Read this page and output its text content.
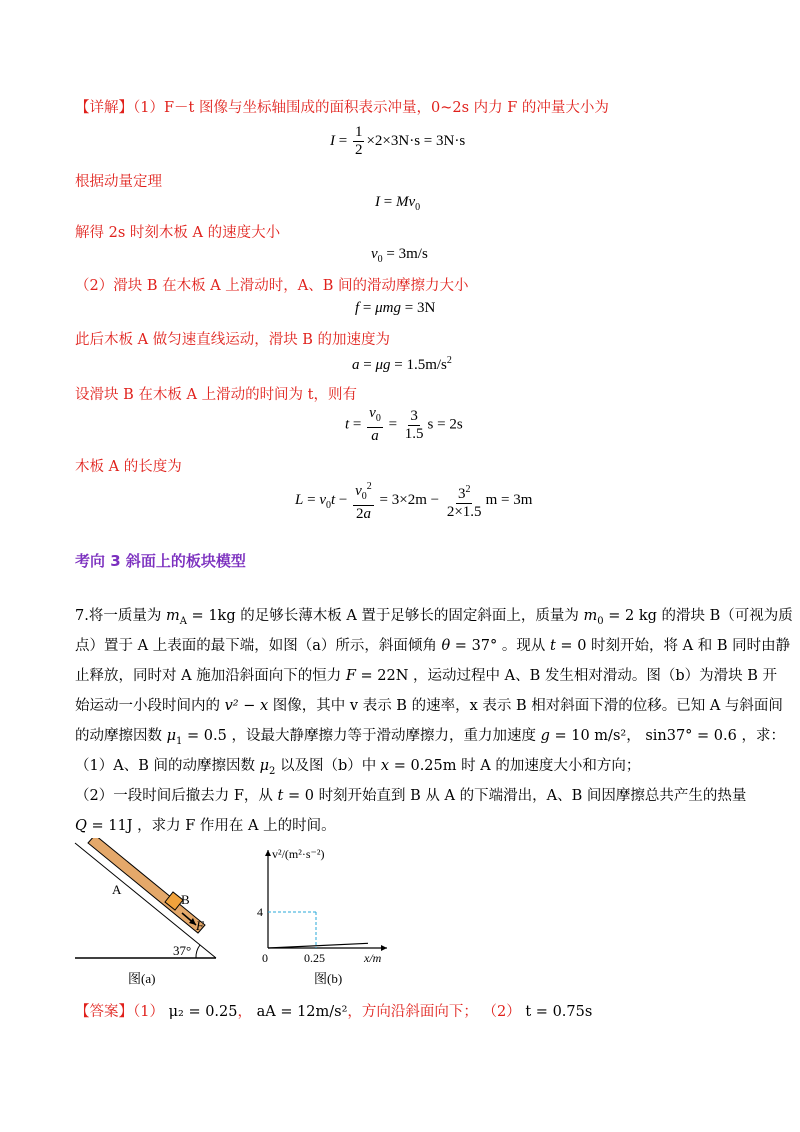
【详解】（1）F－t 图像与坐标轴围成的面积表示冲量，0~2s 内力 F 的冲量大小为
$I = \frac{1}{2} \times 2\times 3N\cdot s = 3N\cdot s$
根据动量定理
$I = Mv_0$
解得 2s 时刻木板 A 的速度大小
$v_0 = 3m/s$
（2）滑块 B 在木板 A 上滑动时，A、B 间的滑动摩擦力大小
f = μmg = 3N
此后木板 A 做匀速直线运动，滑块 B 的加速度为
$a = \mu g = 1.5m/s^2$
设滑块 B 在木板 A 上滑动的时间为 t，则有
$t = \frac{v_0}{a} = \frac{3}{1.5}$ s = 2s
木板 A 的长度为
$L = v_0t - \frac{v_0^2}{2a} = 3\times 2m - \frac{3^2}{2\times 1.5}$ m = 3m
考向 3 斜面上的板块模型
7.将一质量为 $m_A = 1kg$ 的足够长薄木板 A 置于足够长的固定斜面上，质量为 $m_0 = 2$ kg 的滑块 B（可视为质
点）置于 A 上表面的最下端，如图（a）所示，斜面倾角 θ = 37° 。现从 t = 0 时刻开始，将 A 和 B 同时由静
止释放，同时对 A 施加沿斜面向下的恒力 F = 22N ，运动过程中 A、B 发生相对滑动。图（b）为滑块 B 开
始运动一小段时间内的 v² − x 图像，其中 v 表示 B 的速率，x 表示 B 相对斜面下滑的位移。已知 A 与斜面间
的动摩擦因数 $\mu_1 = 0.5$ ，设最大静摩擦力等于滑动摩擦力，重力加速度 g = 10 m/s²， sin37° = 0.6 ，求：
（1）A、B 间的动摩擦因数 $\mu_2$ 以及图（b）中 x = 0.25m 时 A 的加速度大小和方向；
（2）一段时间后撤去力 F，从 t = 0 时刻开始直到 B 从 A 的下端滑出，A、B 间因摩擦总共产生的热量
Q = 11J ，求力 F 作用在 A 上的时间。
A
B
F
37°
图(a)
v²/(m²·s⁻²)
x/m
0
4
0.25
图(b)
【答案】（1） μ₂ = 0.25， aA = 12m/s²，方向沿斜面向下； （2） t = 0.75s
